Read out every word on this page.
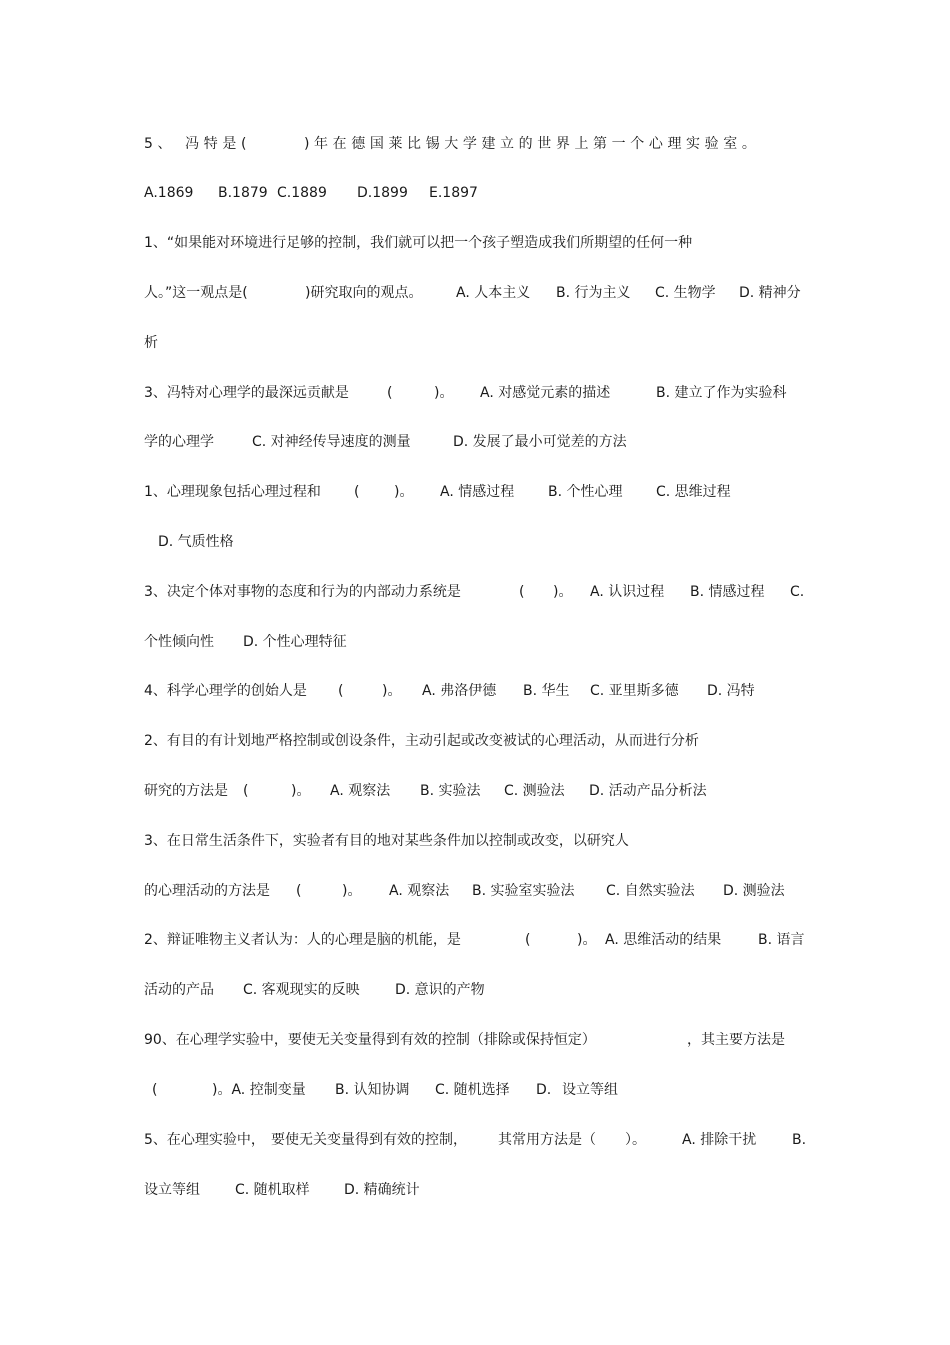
5、 冯特是(

	)年在德国莱比锡大学建立的世界上第一个心理实验室。

A.1869

B.1879

C.1889

D.1899

E.1897

1、“如果能对环境进行足够的控制，我们就可以把一个孩子塑造成我们所期望的任何一种

人。”这一观点是(

	)研究取向的观点。

A. 人本主义

B. 行为主义

C. 生物学

D. 精神分

析

3、冯特对心理学的最深远贡献是

	(

	)。

A. 对感觉元素的描述

	B. 建立了作为实验科

学的心理学

	C. 对神经传导速度的测量

	D. 发展了最小可觉差的方法

1、心理现象包括心理过程和

(

)。

A. 情感过程

B. 个性心理

C. 思维过程

D. 气质性格

3、决定个体对事物的态度和行为的内部动力系统是

	(

)。

A. 认识过程

B. 情感过程

C.

个性倾向性

D. 个性心理特征

4、科学心理学的创始人是

(

	)。

A. 弗洛伊德

B. 华生

C. 亚里斯多德

D. 冯特

2、有目的有计划地严格控制或创设条件，主动引起或改变被试的心理活动，从而进行分析

研究的方法是

(

	)。

A. 观察法

B. 实验法

C. 测验法

D. 活动产品分析法

3、在日常生活条件下，实验者有目的地对某些条件加以控制或改变，以研究人

的心理活动的方法是

(

	)。

A. 观察法

B. 实验室实验法

C. 自然实验法

D. 测验法

2、辩证唯物主义者认为：人的心理是脑的机能，是

	(

	)。

A. 思维活动的结果

	B. 语言

活动的产品

C. 客观现实的反映

	D. 意识的产物

90、在心理学实验中，要使无关变量得到有效的控制（排除或保持恒定）

	，其主要方法是

(

	)。A. 控制变量

B. 认知协调

C. 随机选择

D.

设立等组

5、在心理实验中，

要使无关变量得到有效的控制，

其常用方法是（

）。

	A. 排除干扰

	B.

设立等组

	C. 随机取样

D. 精确统计
